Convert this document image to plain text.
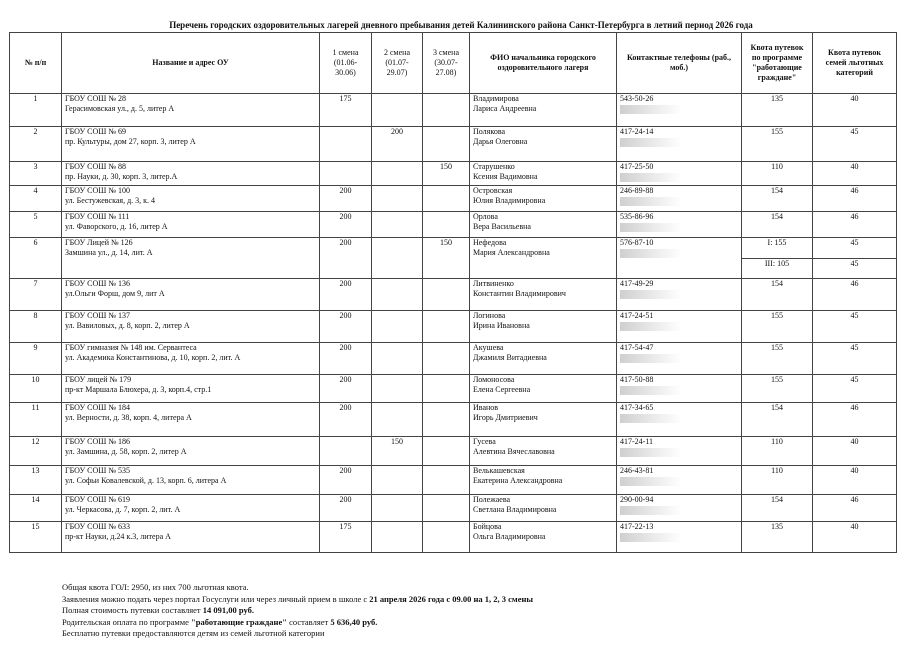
Перечень городских оздоровительных лагерей дневного пребывания детей Калининского района Санкт-Петербурга в летний период 2026 года
№ п/п	Название и адрес ОУ	1 смена
(01.06-
30.06)	2 смена
(01.07-
29.07)	3 смена
(30.07-
27.08)	ФИО начальника городского
оздоровительного лагеря	Контактные телефоны (раб., моб.)	Квота путевок
по программе
"работающие
граждане"	Квота путевок
семей льготных
категорий

1	ГБОУ СОШ № 28
Герасимовская ул., д. 5, литер А	175			Владимирова
Лариса Андреевна	543-50-26	135	40
2	ГБОУ СОШ № 69
пр. Культуры, дом 27, корп. 3, литер А		200		Полякова
Дарья Олеговна	417-24-14	155	45
3	ГБОУ СОШ № 88
пр. Науки, д. 30, корп. 3, литер.А			150	Старушенко
Ксения Вадимовна	417-25-50	110	40
4	ГБОУ СОШ № 100
ул. Бестужевская, д. 3, к. 4	200			Островская
Юлия Владимировна	246-89-88	154	46
5	ГБОУ СОШ № 111
ул. Фаворского, д. 16, литер А	200			Орлова
Вера Васильевна	535-86-96	154	46
6	ГБОУ Лицей № 126
Замшина ул., д. 14, лит. А	200		150	Нефедова
Мария Александровна	576-87-10	I: 155	45
							III: 105	45
7	ГБОУ СОШ № 136
ул.Ольги Форш, дом 9, лит А	200			Литвиненко
Константин Владимирович	417-49-29	154	46
8	ГБОУ СОШ № 137
ул. Вавиловых, д. 8, корп. 2, литер А	200			Логинова
Ирина Ивановна	417-24-51	155	45
9	ГБОУ гимназия № 148 им. Сервантеса
ул. Академика Константинова, д. 10, корп. 2, лит. А	200			Акушева
Джамиля Витадиевна	417-54-47	155	45
10	ГБОУ лицей № 179
пр-кт Маршала Блюхера, д. 3, корп.4, стр.1	200			Ломоносова
Елена Сергеевна	417-50-88	155	45
11	ГБОУ СОШ № 184
ул. Верности, д. 38, корп. 4, литера А	200			Иванов
Игорь Дмитриевич	417-34-65	154	46
12	ГБОУ СОШ № 186
ул. Замшина, д. 58, корп. 2, литер А		150		Гусева
Алевтина Вячеславовна	417-24-11	110	40
13	ГБОУ СОШ № 535
ул. Софьи Ковалевской, д. 13, корп. 6, литера А	200			Велькашевская
Екатерина Александровна	246-43-81	110	40
14	ГБОУ СОШ № 619
ул. Черкасова, д. 7, корп. 2, лит. А	200			Полежаева
Светлана Владимировна	290-00-94	154	46
15	ГБОУ СОШ № 633
пр-кт Науки, д.24 к.3, литера А	175			Бойцова
Ольга Владимировна	417-22-13	135	40
Общая квота ГОЛ: 2950, из них 700 льготная квота.
Заявления можно подать через портал Госуслуги или через личный прием в школе с 21 апреля 2026 года с 09.00 на 1, 2, 3 смены
Полная стоимость путевки составляет 14 091,00 руб.
Родительская оплата по программе "работающие граждане" составляет 5 636,40 руб.
Бесплатно путевки предоставляются детям из семей льготной категории
